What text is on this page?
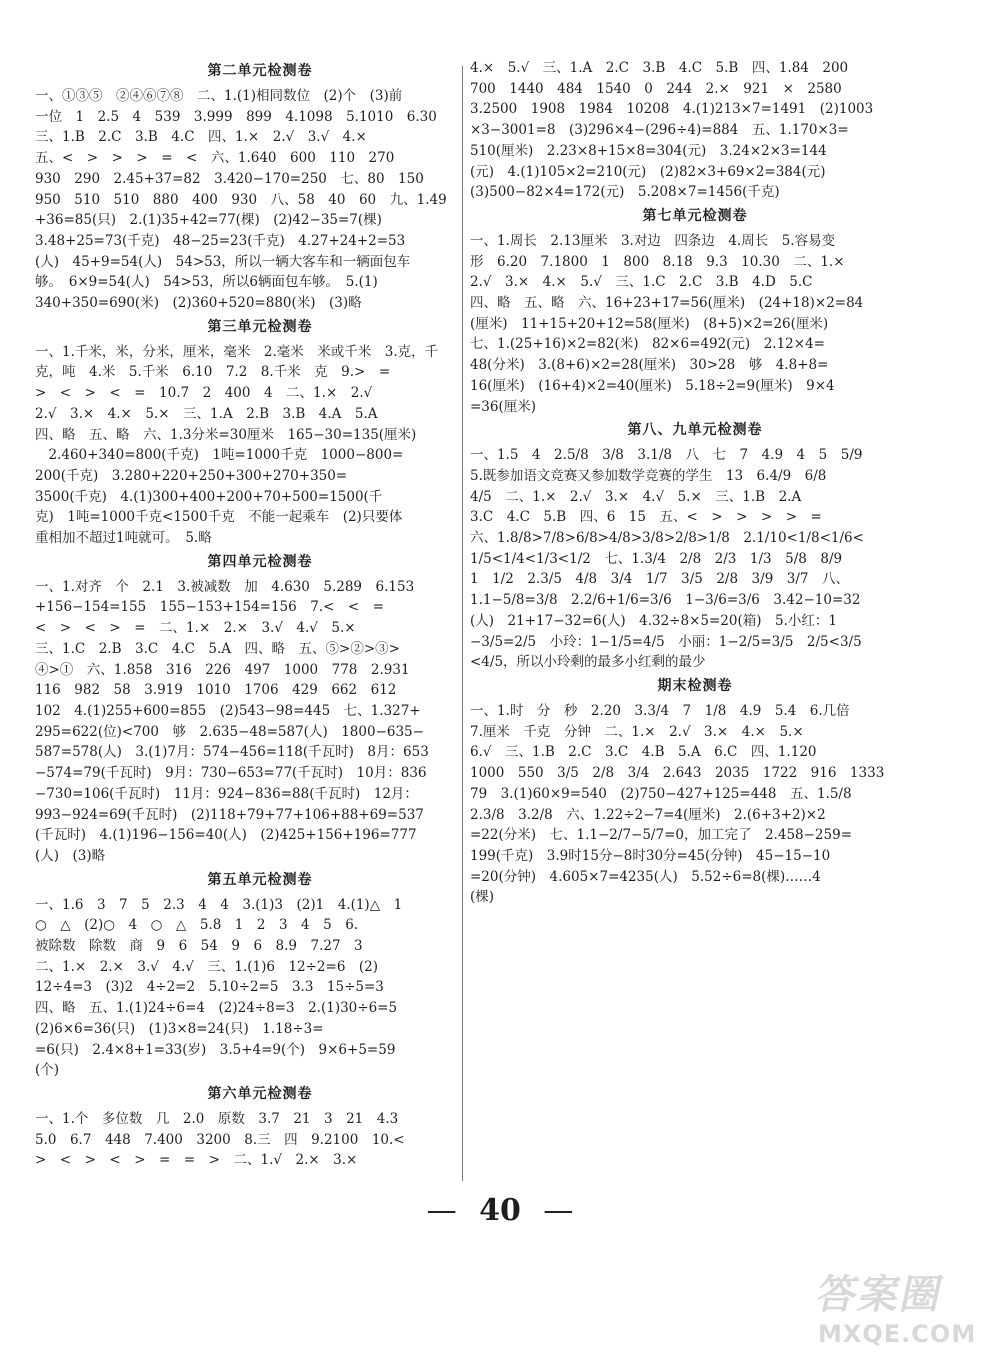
第二单元检测卷
一、①③⑤　②④⑥⑦⑧　二、1.(1)相同数位　(2)个　(3)前
一位　1　2.5　4　539　3.999　899　4.1098　5.1010　6.30
三、1.B　2.C　3.B　4.C　四、1.×　2.√　3.√　4.×
五、<　>　>　>　=　<　六、1.640　600　110　270
930　290　2.45+37=82　3.420−170=250　七、80　150
950　510　510　880　400　930　八、58　40　60　九、1.49
+36=85(只)　2.(1)35+42=77(棵)　(2)42−35=7(棵)
3.48+25=73(千克)　48−25=23(千克)　4.27+24+2=53
(人)　45+9=54(人)　54>53，所以一辆大客车和一辆面包车
够。　6×9=54(人)　54>53，所以6辆面包车够。　5.(1)
340+350=690(米)　(2)360+520=880(米)　(3)略
第三单元检测卷
一、1.千米，米，分米，厘米，毫米　2.毫米　米或千米　3.克，千
克，吨　4.米　5.千米　6.10　7.2　8.千米　克　9.>　=
>　<　>　<　=　10.7　2　400　4　二、1.×　2.√
2.√　3.×　4.×　5.×　三、1.A　2.B　3.B　4.A　5.A
四、略　五、略　六、1.3分米=30厘米　165−30=135(厘米)
　2.460+340=800(千克)　1吨=1000千克　1000−800=
200(千克)　3.280+220+250+300+270+350=
3500(千克)　4.(1)300+400+200+70+500=1500(千
克)　1吨=1000千克<1500千克　不能一起乘车　(2)只要体
重相加不超过1吨就可。　5.略
第四单元检测卷
一、1.对齐　个　2.1　3.被减数　加　4.630　5.289　6.153
+156−154=155　155−153+154=156　7.<　<　=
<　>　<　>　=　二、1.×　2.×　3.√　4.√　5.×
三、1.C　2.B　3.C　4.C　5.A　四、略　五、⑤>②>③>
④>①　六、1.858　316　226　497　1000　778　2.931
116　982　58　3.919　1010　1706　429　662　612
102　4.(1)255+600=855　(2)543−98=445　七、1.327+
295=622(位)<700　够　2.635−48=587(人)　1800−635−
587=578(人)　3.(1)7月：574−456=118(千瓦时)　8月：653
−574=79(千瓦时)　9月：730−653=77(千瓦时)　10月：836
−730=106(千瓦时)　11月：924−836=88(千瓦时)　12月：
993−924=69(千瓦时)　(2)118+79+77+106+88+69=537
(千瓦时)　4.(1)196−156=40(人)　(2)425+156+196=777
(人)　(3)略
第五单元检测卷
一、1.6　3　7　5　2.3　4　4　3.(1)3　(2)1　4.(1)△　1
○　△　(2)○　4　○　△　5.8　1　2　3　4　5　6.
被除数　除数　商　9　6　54　9　6　8.9　7.27　3
二、1.×　2.×　3.√　4.√　三、1.(1)6　12÷2=6　(2)
12÷4=3　(3)2　4÷2=2　5.10÷2=5　3.3　15÷5=3
四、略　五、1.(1)24÷6=4　(2)24÷8=3　2.(1)30÷6=5
(2)6×6=36(只)　(1)3×8=24(只)　1.18÷3=
=6(只)　2.4×8+1=33(岁)　3.5+4=9(个)　9×6+5=59
(个)
第六单元检测卷
一、1.个　多位数　几　2.0　原数　3.7　21　3　21　4.3
5.0　6.7　448　7.400　3200　8.三　四　9.2100　10.<
>　<　>　<　>　=　=　>　二、1.√　2.×　3.×
4.×　5.√　三、1.A　2.C　3.B　4.C　5.B　四、1.84　200
700　1440　484　1540　0　244　2.×　921　×　2580
3.2500　1908　1984　10208　4.(1)213×7=1491　(2)1003
×3−3001=8　(3)296×4−(296÷4)=884　五、1.170×3=
510(厘米)　2.23×8+15×8=304(元)　3.24×2×3=144
(元)　4.(1)105×2=210(元)　(2)82×3+69×2=384(元)
(3)500−82×4=172(元)　5.208×7=1456(千克)
第七单元检测卷
一、1.周长　2.13厘米　3.对边　四条边　4.周长　5.容易变
形　6.20　7.1800　1　800　8.18　9.3　10.30　二、1.×
2.√　3.×　4.×　5.√　三、1.C　2.C　3.B　4.D　5.C
四、略　五、略　六、16+23+17=56(厘米)　(24+18)×2=84
(厘米)　11+15+20+12=58(厘米)　(8+5)×2=26(厘米)
七、1.(25+16)×2=82(米)　82×6=492(元)　2.12×4=
48(分米)　3.(8+6)×2=28(厘米)　30>28　够　4.8+8=
16(厘米)　(16+4)×2=40(厘米)　5.18÷2=9(厘米)　9×4
=36(厘米)
第八、九单元检测卷
一、1.5　4　2.5/8　3/8　3.1/8　八　七　7　4.9　4　5　5/9
5.既参加语文竞赛又参加数学竞赛的学生　13　6.4/9　6/8
4/5　二、1.×　2.√　3.×　4.√　5.×　三、1.B　2.A
3.C　4.C　5.B　四、6　15　五、<　>　>　>　>　=
六、1.8/8>7/8>6/8>4/8>3/8>2/8>1/8　2.1/10<1/8<1/6<
1/5<1/4<1/3<1/2　七、1.3/4　2/8　2/3　1/3　5/8　8/9
1　1/2　2.3/5　4/8　3/4　1/7　3/5　2/8　3/9　3/7　八、
1.1−5/8=3/8　2.2/6+1/6=3/6　1−3/6=3/6　3.42−10=32
(人)　21+17−32=6(人)　4.32÷8×5=20(箱)　5.小红：1
−3/5=2/5　小玲：1−1/5=4/5　小丽：1−2/5=3/5　2/5<3/5
<4/5，所以小玲剩的最多小红剩的最少
期末检测卷
一、1.时　分　秒　2.20　3.3/4　7　1/8　4.9　5.4　6.几倍
7.厘米　千克　分钟　二、1.×　2.√　3.×　4.×　5.×
6.√　三、1.B　2.C　3.C　4.B　5.A　6.C　四、1.120
1000　550　3/5　2/8　3/4　2.643　2035　1722　916　1333
79　3.(1)60×9=540　(2)750−427+125=448　五、1.5/8
2.3/8　3.2/8　六、1.22÷2−7=4(厘米)　2.(6+3+2)×2
=22(分米)　七、1.1−2/7−5/7=0，加工完了　2.458−259=
199(千克)　3.9时15分−8时30分=45(分钟)　45−15−10
=20(分钟)　4.605×7=4235(人)　5.52÷6=8(棵)……4
(棵)
— 40 —
答案圈
MXQE.COM
